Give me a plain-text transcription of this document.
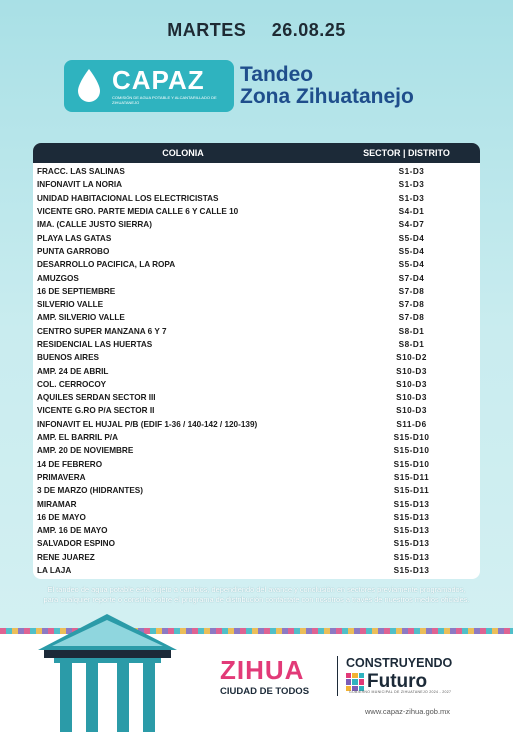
MARTES 26.08.25
CAPAZ
COMISIÓN DE AGUA POTABLE Y ALCANTARILLADO DE ZIHUATANEJO
Tandeo
Zona Zihuatanejo
COLONIA	SECTOR | DISTRITO
FRACC. LAS SALINAS	S1-D3
INFONAVIT LA NORIA	S1-D3
UNIDAD HABITACIONAL LOS ELECTRICISTAS	S1-D3
VICENTE GRO. PARTE MEDIA CALLE 6 Y CALLE 10	S4-D1
IMA. (CALLE JUSTO SIERRA)	S4-D7
PLAYA LAS GATAS	S5-D4
PUNTA GARROBO	S5-D4
DESARROLLO PACIFICA, LA ROPA	S5-D4
AMUZGOS	S7-D4
16 DE SEPTIEMBRE	S7-D8
SILVERIO VALLE	S7-D8
AMP. SILVERIO VALLE	S7-D8
CENTRO SUPER MANZANA 6 Y 7	S8-D1
RESIDENCIAL LAS HUERTAS	S8-D1
BUENOS AIRES	S10-D2
AMP. 24 DE ABRIL	S10-D3
COL. CERROCOY	S10-D3
AQUILES SERDAN SECTOR III	S10-D3
VICENTE G.RO P/A SECTOR II	S10-D3
INFONAVIT EL HUJAL P/B (EDIF 1-36 / 140-142 / 120-139)	S11-D6
AMP. EL BARRIL P/A	S15-D10
AMP. 20 DE NOVIEMBRE	S15-D10
14 DE FEBRERO	S15-D10
PRIMAVERA	S15-D11
3 DE MARZO (HIDRANTES)	S15-D11
MIRAMAR	S15-D13
16 DE MAYO	S15-D13
AMP. 16 DE MAYO	S15-D13
SALVADOR ESPINO	S15-D13
RENE JUAREZ	S15-D13
LA LAJA	S15-D13
El tandeo de agua potable está sujeto a cambios, dependiendo del avance y conclusión en sectores previamente programados, para cualquier reporte o consulta sobre el programa de distribución contáctate con nosotros a través de nuestros medios oficiales.
ZIHUA
CIUDAD DE TODOS
CONSTRUYENDO
Futuro
GOBIERNO MUNICIPAL DE ZIHUATANEJO 2024 - 2027
www.capaz-zihua.gob.mx
